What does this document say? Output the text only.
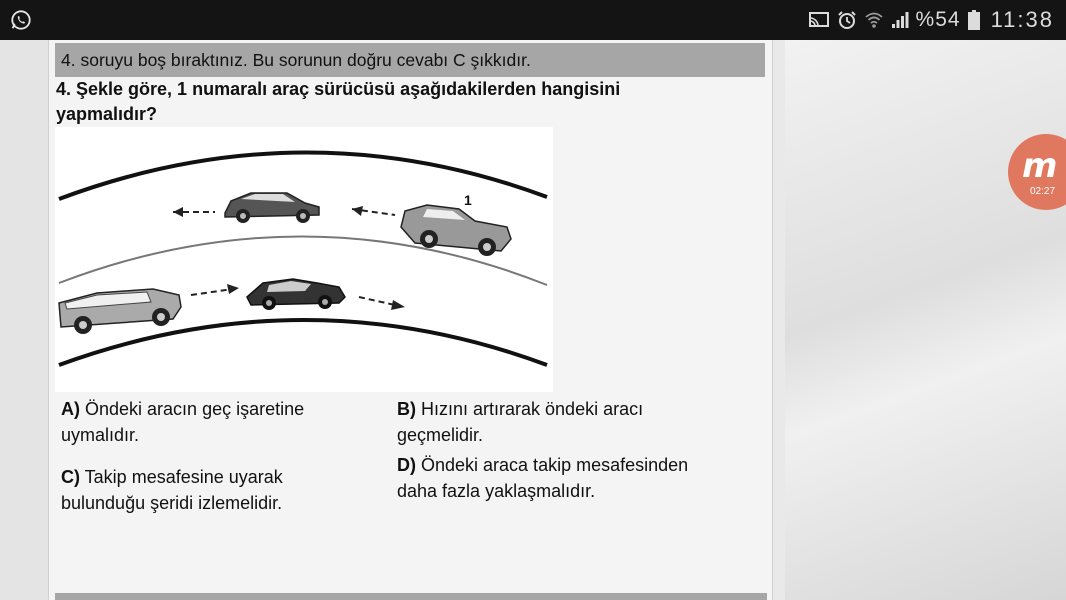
%54 11:38
4. soruyu boş bıraktınız. Bu sorunun doğru cevabı C şıkkıdır.
4. Şekle göre, 1 numaralı araç sürücüsü aşağıdakilerden hangisini
yapmalıdır?
1
A) Öndeki aracın geç işaretine
uymalıdır.
B) Hızını artırarak öndeki aracı
geçmelidir.
C) Takip mesafesine uyarak
bulunduğu şeridi izlemelidir.
D) Öndeki araca takip mesafesinden
daha fazla yaklaşmalıdır.
m
02:27
